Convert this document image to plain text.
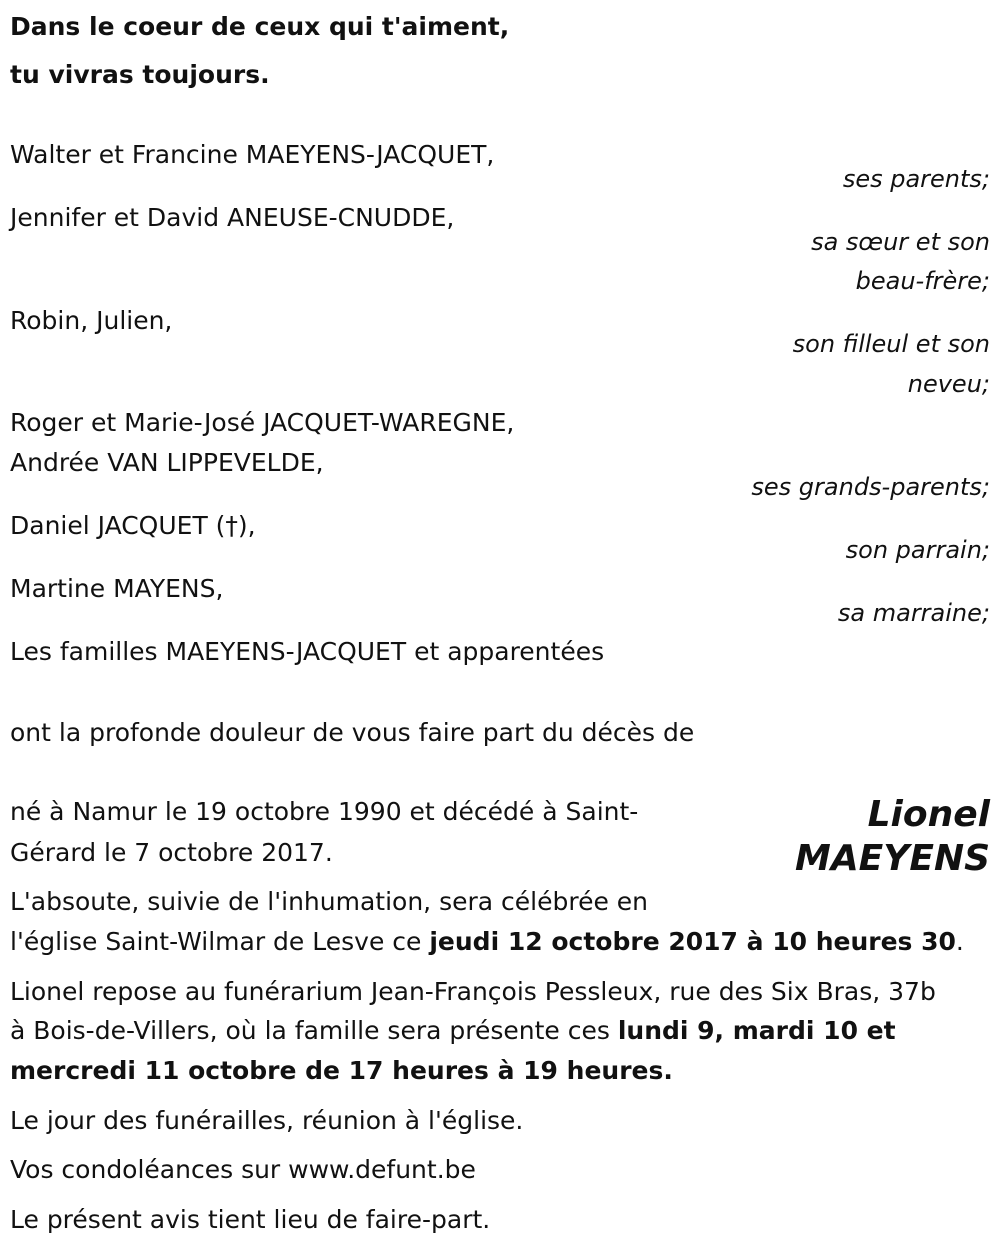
Dans le coeur de ceux qui t'aiment,
tu vivras toujours.
Walter et Francine MAEYENS-JACQUET,
ses parents;
Jennifer et David ANEUSE-CNUDDE,
sa sœur et son
beau-frère;
Robin, Julien,
son filleul et son
neveu;
Roger et Marie-José JACQUET-WAREGNE,
Andrée VAN LIPPEVELDE,
ses grands-parents;
Daniel JACQUET (†),
son parrain;
Martine MAYENS,
sa marraine;
Les familles MAEYENS-JACQUET et apparentées
ont la profonde douleur de vous faire part du décès de
Lionel
MAEYENS
né à Namur le 19 octobre 1990 et décédé à Saint-
Gérard le 7 octobre 2017.
L'absoute, suivie de l'inhumation, sera célébrée en
l'église Saint-Wilmar de Lesve ce jeudi 12 octobre 2017 à 10 heures 30.
Lionel repose au funérarium Jean-François Pessleux, rue des Six Bras, 37b
à Bois-de-Villers, où la famille sera présente ces lundi 9, mardi 10 et
mercredi 11 octobre de 17 heures à 19 heures.
Le jour des funérailles, réunion à l'église.
Vos condoléances sur www.defunt.be
Le présent avis tient lieu de faire-part.
